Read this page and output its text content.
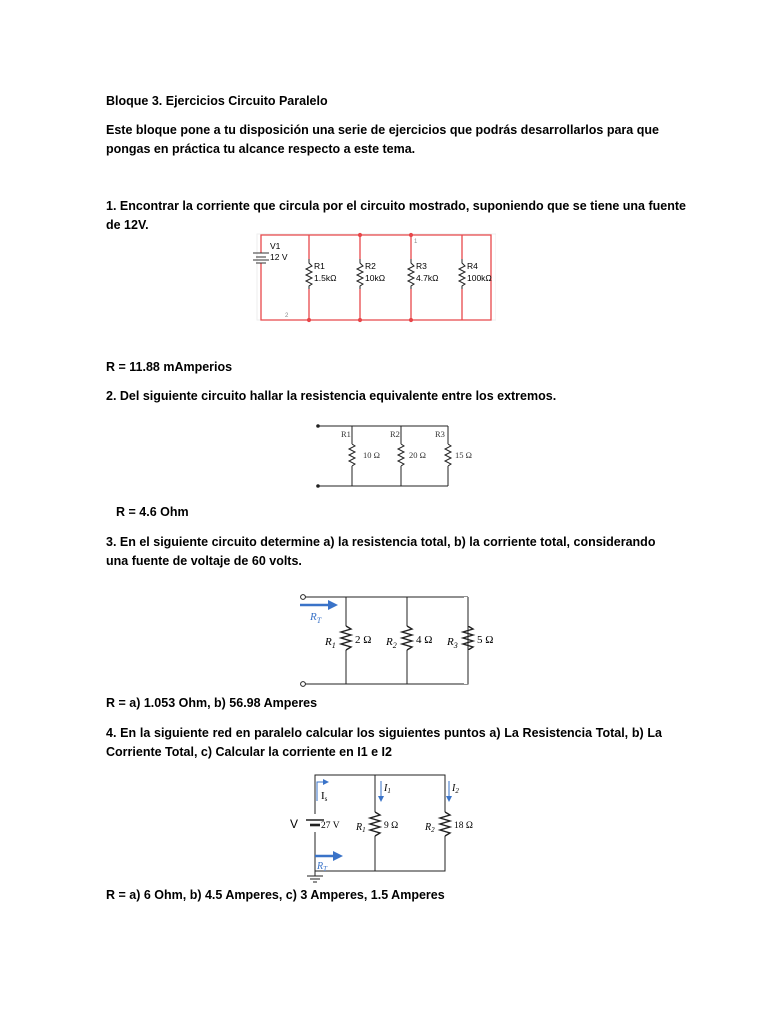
Bloque 3. Ejercicios Circuito Paralelo
Este bloque pone a tu disposición una serie de ejercicios que podrás desarrollarlos para que
pongas en práctica tu alcance respecto a este tema.
1. Encontrar la corriente que circula por el circuito mostrado, suponiendo que se tiene una fuente
de 12V.
V1
12 V
1
2
R1
1.5kΩ
R2
10kΩ
R3
4.7kΩ
R4
100kΩ
R = 11.88 mAmperios
2. Del siguiente circuito hallar la resistencia equivalente entre los extremos.
R1	R2	R3
10 Ω	20 Ω	15 Ω
R = 4.6 Ohm
3. En el siguiente circuito determine a) la resistencia total, b) la corriente total, considerando
una fuente de voltaje de 60 volts.
$R_T$
$R_1$ 2 Ω $R_2$ 4 Ω $R_3$ 5 Ω
R = a) 1.053 Ohm, b) 56.98 Amperes
4. En la siguiente red en paralelo calcular los siguientes puntos a) La Resistencia Total, b) La Corriente Total, c) Calcular la corriente en I1 e I2
Is
$I_1$	$I_2$
$R_T$
V 27 V $R_1$ 9 Ω	$R_2$ 18 Ω
R = a) 6 Ohm, b) 4.5 Amperes, c) 3 Amperes, 1.5 Amperes
